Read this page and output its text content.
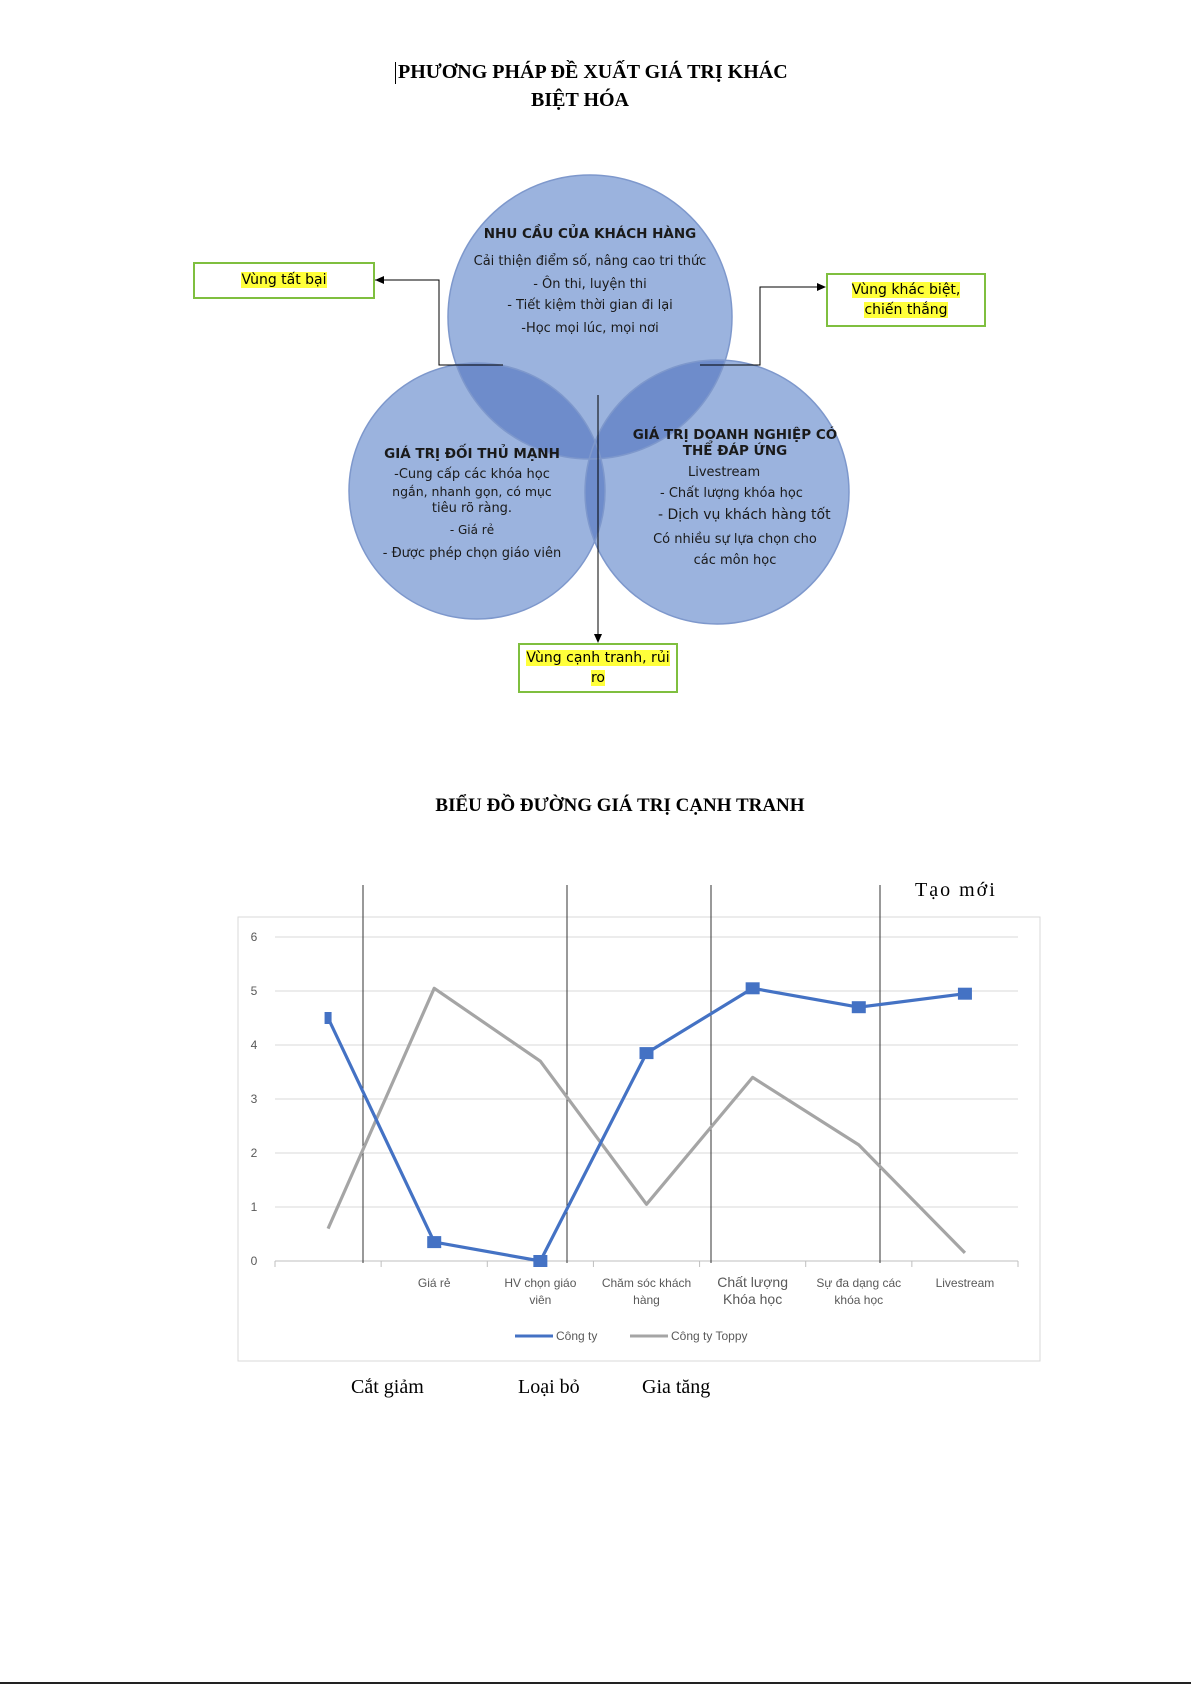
PHƯƠNG PHÁP ĐỀ XUẤT GIÁ TRỊ KHÁC
BIỆT HÓA
NHU CẦU CỦA KHÁCH HÀNG
Cải thiện điểm số, nâng cao tri thức
- Ôn thi, luyện thi
- Tiết kiệm thời gian đi lại
-Học mọi lúc, mọi nơi
GIÁ TRỊ ĐỐI THỦ MẠNH
-Cung cấp các khóa học
ngắn, nhanh gọn, có mục
tiêu rõ ràng.
- Giá rẻ
- Được phép chọn giáo viên
GIÁ TRỊ DOANH NGHIỆP CÓ
THỂ ĐÁP ỨNG
Livestream
- Chất lượng khóa học
- Dịch vụ khách hàng tốt
Có nhiều sự lựa chọn cho
các môn học
Vùng tất bại
Vùng khác biệt,
chiến thắng
Vùng cạnh tranh, rủi
ro
BIỂU ĐỒ ĐƯỜNG GIÁ TRỊ CẠNH TRANH
Tạo mới
Cắt giảm	Loại bỏ	Gia tăng
0
1
2
3
4
5
6
Giá rẻ	HV chọn giáo
viên
Chăm sóc khách
hàng
Chất lượng
Khóa học
Sự đa dạng các
khóa học
Livestream
Công ty	Công ty Toppy
